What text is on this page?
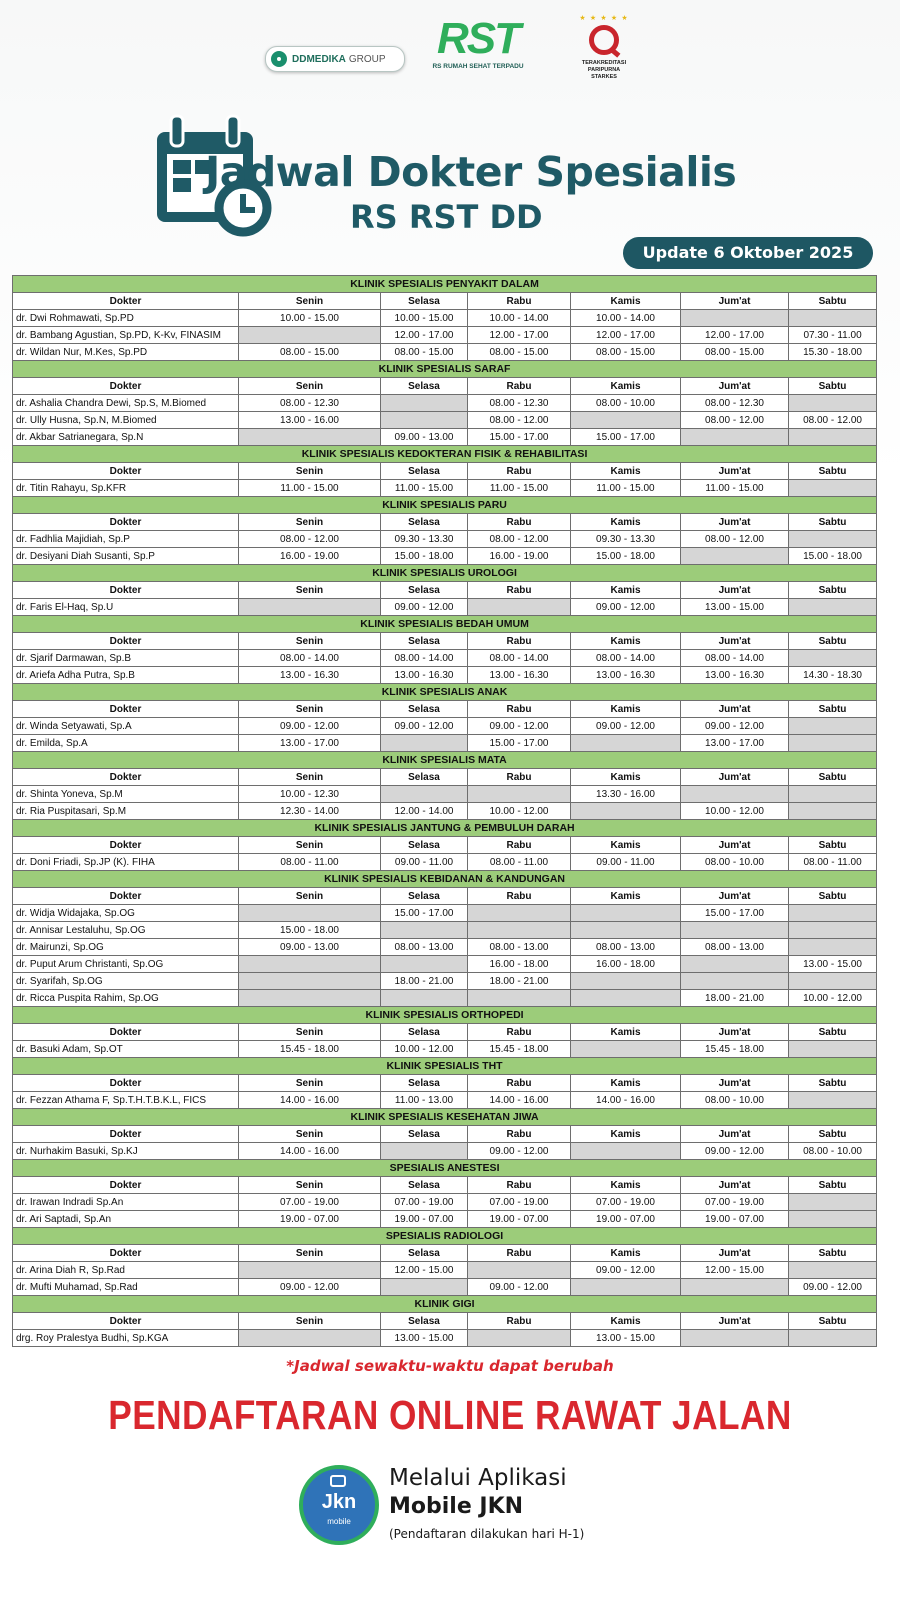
DDMEDIKA GROUP	RST
RS RUMAH SEHAT TERPADU
★ ★ ★ ★ ★
TERAKREDITASI PARIPURNA
STARKES
Jadwal Dokter Spesialis
RS RST DD
Update 6 Oktober 2025
KLINIK SPESIALIS PENYAKIT DALAM						
Dokter	Senin	Selasa	Rabu	Kamis	Jum'at	Sabtu
dr. Dwi Rohmawati, Sp.PD	10.00 - 15.00	10.00 - 15.00	10.00 - 14.00	10.00 - 14.00		
dr. Bambang Agustian, Sp.PD, K-Kv, FINASIM		12.00 - 17.00	12.00 - 17.00	12.00 - 17.00	12.00 - 17.00	07.30 - 11.00
dr. Wildan Nur, M.Kes, Sp.PD	08.00 - 15.00	08.00 - 15.00	08.00 - 15.00	08.00 - 15.00	08.00 - 15.00	15.30 - 18.00
KLINIK SPESIALIS SARAF						
Dokter	Senin	Selasa	Rabu	Kamis	Jum'at	Sabtu
dr. Ashalia Chandra Dewi, Sp.S, M.Biomed	08.00 - 12.30		08.00 - 12.30	08.00 - 10.00	08.00 - 12.30	
dr. Ully Husna, Sp.N, M.Biomed	13.00 - 16.00		08.00 - 12.00		08.00 - 12.00	08.00 - 12.00
dr. Akbar Satrianegara, Sp.N		09.00 - 13.00	15.00 - 17.00	15.00 - 17.00		
KLINIK SPESIALIS KEDOKTERAN FISIK & REHABILITASI						
Dokter	Senin	Selasa	Rabu	Kamis	Jum'at	Sabtu
dr. Titin Rahayu, Sp.KFR	11.00 - 15.00	11.00 - 15.00	11.00 - 15.00	11.00 - 15.00	11.00 - 15.00	
KLINIK SPESIALIS PARU						
Dokter	Senin	Selasa	Rabu	Kamis	Jum'at	Sabtu
dr. Fadhlia Majidiah, Sp.P	08.00 - 12.00	09.30 - 13.30	08.00 - 12.00	09.30 - 13.30	08.00 - 12.00	
dr. Desiyani Diah Susanti, Sp.P	16.00 - 19.00	15.00 - 18.00	16.00 - 19.00	15.00 - 18.00		15.00 - 18.00
KLINIK SPESIALIS UROLOGI						
Dokter	Senin	Selasa	Rabu	Kamis	Jum'at	Sabtu
dr. Faris El-Haq, Sp.U		09.00 - 12.00		09.00 - 12.00	13.00 - 15.00	
KLINIK SPESIALIS BEDAH UMUM						
Dokter	Senin	Selasa	Rabu	Kamis	Jum'at	Sabtu
dr. Sjarif Darmawan, Sp.B	08.00 - 14.00	08.00 - 14.00	08.00 - 14.00	08.00 - 14.00	08.00 - 14.00	
dr. Ariefa Adha Putra, Sp.B	13.00 - 16.30	13.00 - 16.30	13.00 - 16.30	13.00 - 16.30	13.00 - 16.30	14.30 - 18.30
KLINIK SPESIALIS ANAK						
Dokter	Senin	Selasa	Rabu	Kamis	Jum'at	Sabtu
dr. Winda Setyawati, Sp.A	09.00 - 12.00	09.00 - 12.00	09.00 - 12.00	09.00 - 12.00	09.00 - 12.00	
dr. Emilda, Sp.A	13.00 - 17.00		15.00 - 17.00		13.00 - 17.00	
KLINIK SPESIALIS MATA						
Dokter	Senin	Selasa	Rabu	Kamis	Jum'at	Sabtu
dr. Shinta Yoneva, Sp.M	10.00 - 12.30			13.30 - 16.00		
dr. Ria Puspitasari, Sp.M	12.30 - 14.00	12.00 - 14.00	10.00 - 12.00		10.00 - 12.00	
KLINIK SPESIALIS JANTUNG & PEMBULUH DARAH						
Dokter	Senin	Selasa	Rabu	Kamis	Jum'at	Sabtu
dr. Doni Friadi, Sp.JP (K). FIHA	08.00 - 11.00	09.00 - 11.00	08.00 - 11.00	09.00 - 11.00	08.00 - 10.00	08.00 - 11.00
KLINIK SPESIALIS KEBIDANAN & KANDUNGAN						
Dokter	Senin	Selasa	Rabu	Kamis	Jum'at	Sabtu
dr. Widja Widajaka, Sp.OG		15.00 - 17.00			15.00 - 17.00	
dr. Annisar Lestaluhu, Sp.OG	15.00 - 18.00					
dr. Mairunzi, Sp.OG	09.00 - 13.00	08.00 - 13.00	08.00 - 13.00	08.00 - 13.00	08.00 - 13.00	
dr. Puput Arum Christanti, Sp.OG			16.00 - 18.00	16.00 - 18.00		13.00 - 15.00
dr. Syarifah, Sp.OG		18.00 - 21.00	18.00 - 21.00			
dr. Ricca Puspita Rahim, Sp.OG					18.00 - 21.00	10.00 - 12.00
KLINIK SPESIALIS ORTHOPEDI						
Dokter	Senin	Selasa	Rabu	Kamis	Jum'at	Sabtu
dr. Basuki Adam, Sp.OT	15.45 - 18.00	10.00 - 12.00	15.45 - 18.00		15.45 - 18.00	
KLINIK SPESIALIS THT						
Dokter	Senin	Selasa	Rabu	Kamis	Jum'at	Sabtu
dr. Fezzan Athama F, Sp.T.H.T.B.K.L, FICS	14.00 - 16.00	11.00 - 13.00	14.00 - 16.00	14.00 - 16.00	08.00 - 10.00	
KLINIK SPESIALIS KESEHATAN JIWA						
Dokter	Senin	Selasa	Rabu	Kamis	Jum'at	Sabtu
dr. Nurhakim Basuki, Sp.KJ	14.00 - 16.00		09.00 - 12.00		09.00 - 12.00	08.00 - 10.00
SPESIALIS ANESTESI						
Dokter	Senin	Selasa	Rabu	Kamis	Jum'at	Sabtu
dr. Irawan Indradi Sp.An	07.00 - 19.00	07.00 - 19.00	07.00 - 19.00	07.00 - 19.00	07.00 - 19.00	
dr. Ari Saptadi, Sp.An	19.00 - 07.00	19.00 - 07.00	19.00 - 07.00	19.00 - 07.00	19.00 - 07.00	
SPESIALIS RADIOLOGI						
Dokter	Senin	Selasa	Rabu	Kamis	Jum'at	Sabtu
dr. Arina Diah R, Sp.Rad		12.00 - 15.00		09.00 - 12.00	12.00 - 15.00	
dr. Mufti Muhamad, Sp.Rad	09.00 - 12.00		09.00 - 12.00			09.00 - 12.00
KLINIK GIGI						
Dokter	Senin	Selasa	Rabu	Kamis	Jum'at	Sabtu
drg. Roy Pralestya Budhi, Sp.KGA		13.00 - 15.00		13.00 - 15.00		
*Jadwal sewaktu-waktu dapat berubah
PENDAFTARAN ONLINE RAWAT JALAN
Jkn
mobile
Melalui Aplikasi
Mobile JKN
(Pendaftaran dilakukan hari H-1)
